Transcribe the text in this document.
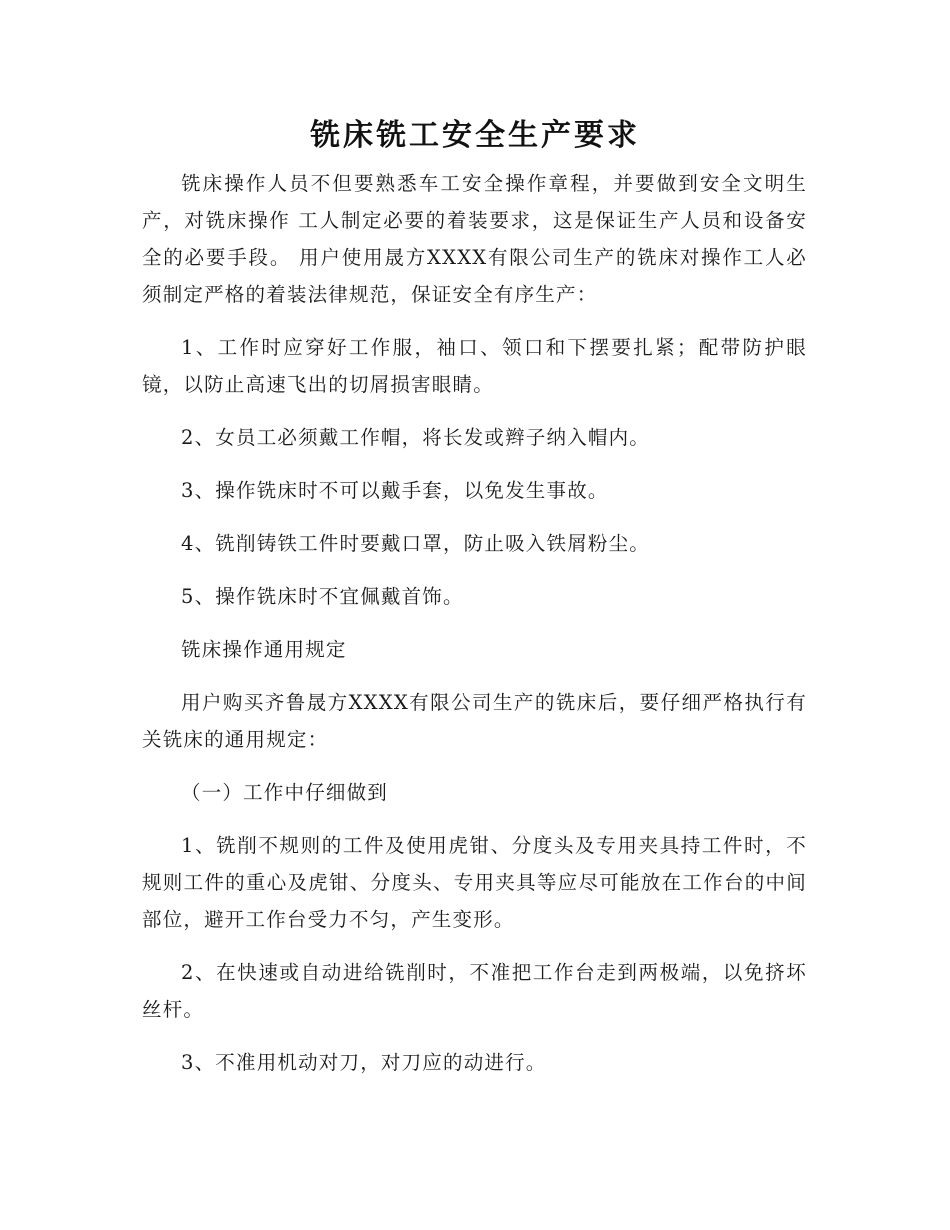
铣床铣工安全生产要求

铣床操作人员不但要熟悉车工安全操作章程，并要做到安全文明生产，对铣床操作 工人制定必要的着装要求，这是保证生产人员和设备安全的必要手段。 用户使用晟方XXXX有限公司生产的铣床对操作工人必须制定严格的着装法律规范，保证安全有序生产：

1、工作时应穿好工作服，袖口、领口和下摆要扎紧；配带防护眼镜，以防止高速飞出的切屑损害眼睛。

2、女员工必须戴工作帽，将长发或辫子纳入帽内。

3、操作铣床时不可以戴手套，以免发生事故。

4、铣削铸铁工件时要戴口罩，防止吸入铁屑粉尘。

5、操作铣床时不宜佩戴首饰。

铣床操作通用规定

用户购买齐鲁晟方XXXX有限公司生产的铣床后，要仔细严格执行有关铣床的通用规定：

（一）工作中仔细做到

1、铣削不规则的工件及使用虎钳、分度头及专用夹具持工件时，不规则工件的重心及虎钳、分度头、专用夹具等应尽可能放在工作台的中间部位，避开工作台受力不匀，产生变形。

2、在快速或自动进给铣削时，不准把工作台走到两极端，以免挤坏丝杆。

3、不准用机动对刀，对刀应的动进行。
